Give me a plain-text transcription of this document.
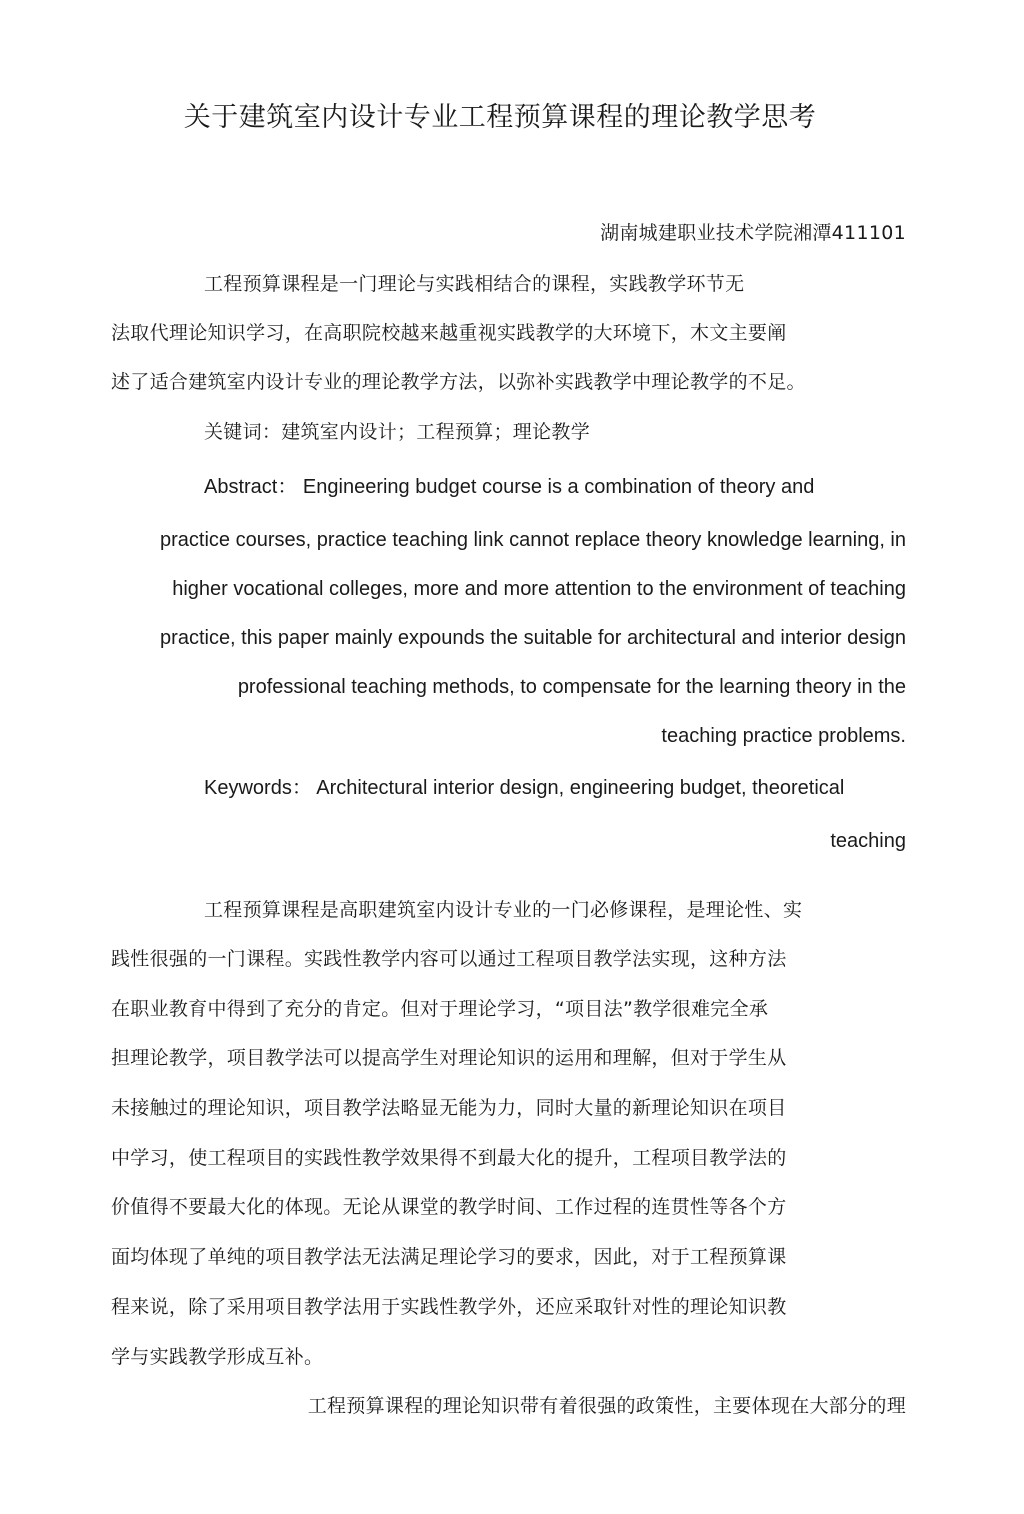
关于建筑室内设计专业工程预算课程的理论教学思考
湖南城建职业技术学院湘潭411101
工程预算课程是一门理论与实践相结合的课程，实践教学环节无
法取代理论知识学习，在高职院校越来越重视实践教学的大环境下，木文主要阐
述了适合建筑室内设计专业的理论教学方法，以弥补实践教学中理论教学的不足。
关键词：建筑室内设计；工程预算；理论教学
Abstract： Engineering budget course is a combination of theory and
practice courses, practice teaching link cannot replace theory knowledge learning, in
higher vocational colleges, more and more attention to the environment of teaching
practice, this paper mainly expounds the suitable for architectural and interior design
professional teaching methods, to compensate for the learning theory in the
teaching practice problems.
Keywords： Architectural interior design, engineering budget, theoretical
teaching
工程预算课程是高职建筑室内设计专业的一门必修课程，是理论性、实
践性很强的一门课程。实践性教学内容可以通过工程项目教学法实现，这种方法
在职业教育中得到了充分的肯定。但对于理论学习，“项目法”教学很难完全承
担理论教学，项目教学法可以提高学生对理论知识的运用和理解，但对于学生从
未接触过的理论知识，项目教学法略显无能为力，同时大量的新理论知识在项目
中学习，使工程项目的实践性教学效果得不到最大化的提升，工程项目教学法的
价值得不要最大化的体现。无论从课堂的教学时间、工作过程的连贯性等各个方
面均体现了单纯的项目教学法无法满足理论学习的要求，因此，对于工程预算课
程来说，除了采用项目教学法用于实践性教学外，还应采取针对性的理论知识教
学与实践教学形成互补。
工程预算课程的理论知识带有着很强的政策性，主要体现在大部分的理
